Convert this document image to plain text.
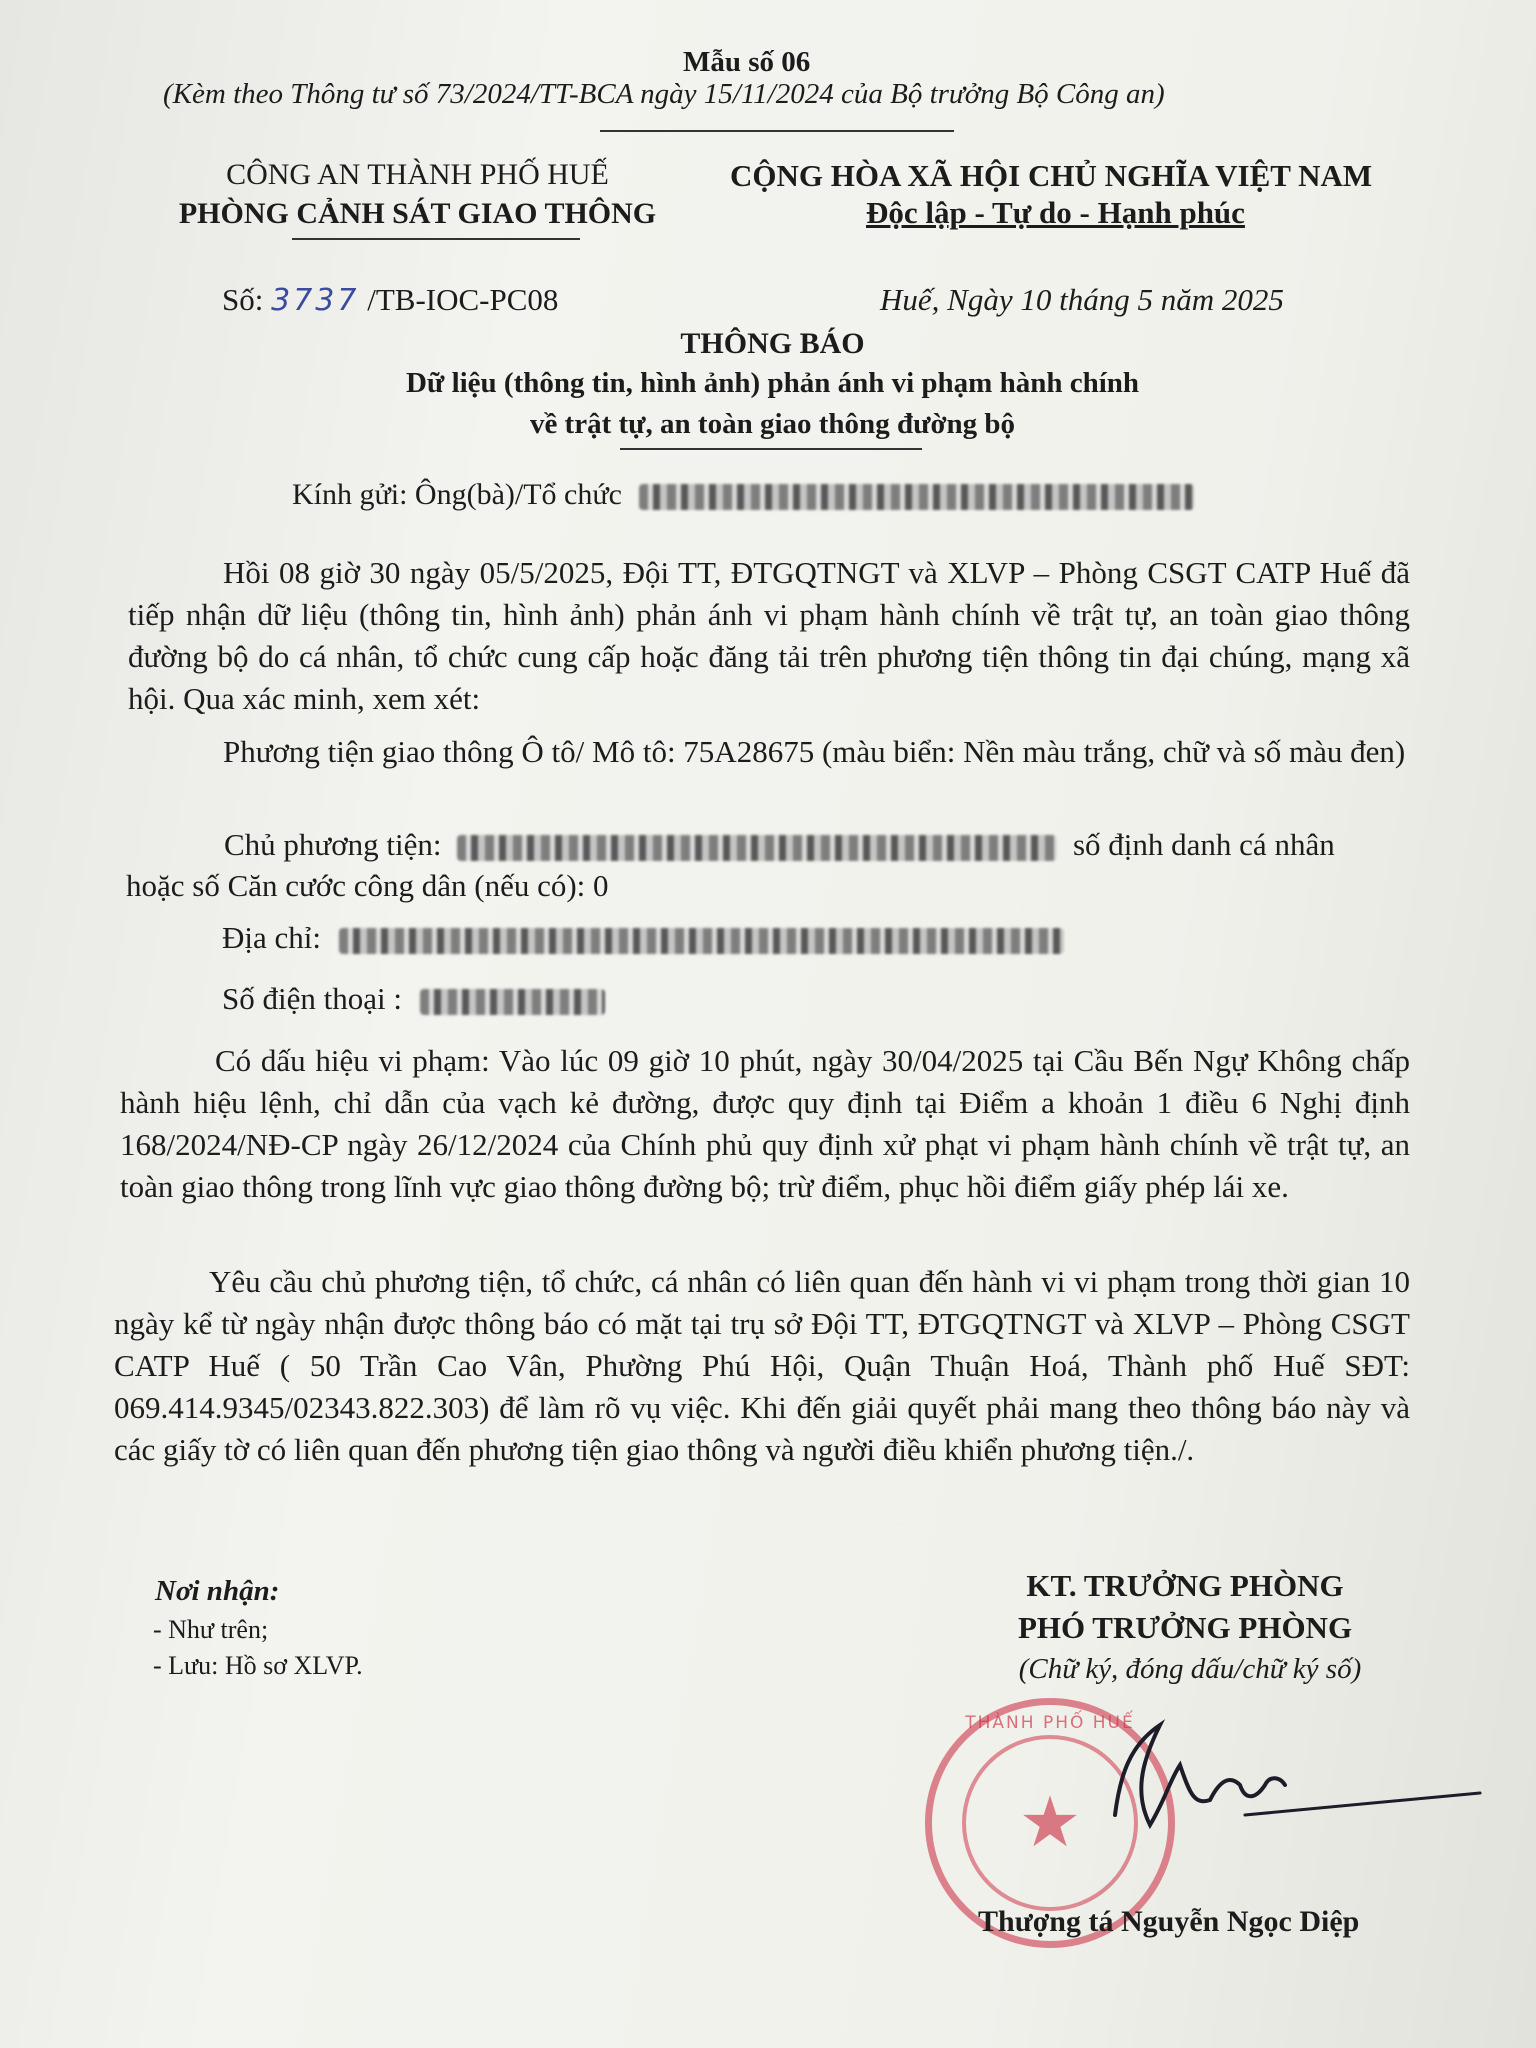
Mẫu số 06
(Kèm theo Thông tư số 73/2024/TT-BCA ngày 15/11/2024 của Bộ trưởng Bộ Công an)
CÔNG AN THÀNH PHỐ HUẾ
PHÒNG CẢNH SÁT GIAO THÔNG
CỘNG HÒA XÃ HỘI CHỦ NGHĨA VIỆT NAM
Độc lập - Tự do - Hạnh phúc
Số: 3737 /TB-IOC-PC08	Huế, Ngày 10 tháng 5 năm 2025
THÔNG BÁO
Dữ liệu (thông tin, hình ảnh) phản ánh vi phạm hành chính
về trật tự, an toàn giao thông đường bộ
Kính gửi: Ông(bà)/Tổ chức
Hồi 08 giờ 30 ngày 05/5/2025, Đội TT, ĐTGQTNGT và XLVP – Phòng CSGT CATP Huế đã tiếp nhận dữ liệu (thông tin, hình ảnh) phản ánh vi phạm hành chính về trật tự, an toàn giao thông đường bộ do cá nhân, tổ chức cung cấp hoặc đăng tải trên phương tiện thông tin đại chúng, mạng xã hội. Qua xác minh, xem xét:
Phương tiện giao thông Ô tô/ Mô tô: 75A28675 (màu biển: Nền màu trắng, chữ và số màu đen)
Chủ phương tiện:	số định danh cá nhân
hoặc số Căn cước công dân (nếu có): 0
Địa chỉ:
Số điện thoại :
Có dấu hiệu vi phạm: Vào lúc 09 giờ 10 phút, ngày 30/04/2025 tại Cầu Bến Ngự Không chấp hành hiệu lệnh, chỉ dẫn của vạch kẻ đường, được quy định tại Điểm a khoản 1 điều 6 Nghị định 168/2024/NĐ-CP ngày 26/12/2024 của Chính phủ quy định xử phạt vi phạm hành chính về trật tự, an toàn giao thông trong lĩnh vực giao thông đường bộ; trừ điểm, phục hồi điểm giấy phép lái xe.
Yêu cầu chủ phương tiện, tổ chức, cá nhân có liên quan đến hành vi vi phạm trong thời gian 10 ngày kể từ ngày nhận được thông báo có mặt tại trụ sở Đội TT, ĐTGQTNGT và XLVP – Phòng CSGT CATP Huế ( 50 Trần Cao Vân, Phường Phú Hội, Quận Thuận Hoá, Thành phố Huế SĐT: 069.414.9345/02343.822.303) để làm rõ vụ việc. Khi đến giải quyết phải mang theo thông báo này và các giấy tờ có liên quan đến phương tiện giao thông và người điều khiển phương tiện./.
Nơi nhận:
- Như trên;
- Lưu: Hồ sơ XLVP.
KT. TRƯỞNG PHÒNG
PHÓ TRƯỞNG PHÒNG
(Chữ ký, đóng dấu/chữ ký số)
THÀNH PHỐ HUẾ
★
Thượng tá Nguyễn Ngọc Diệp
